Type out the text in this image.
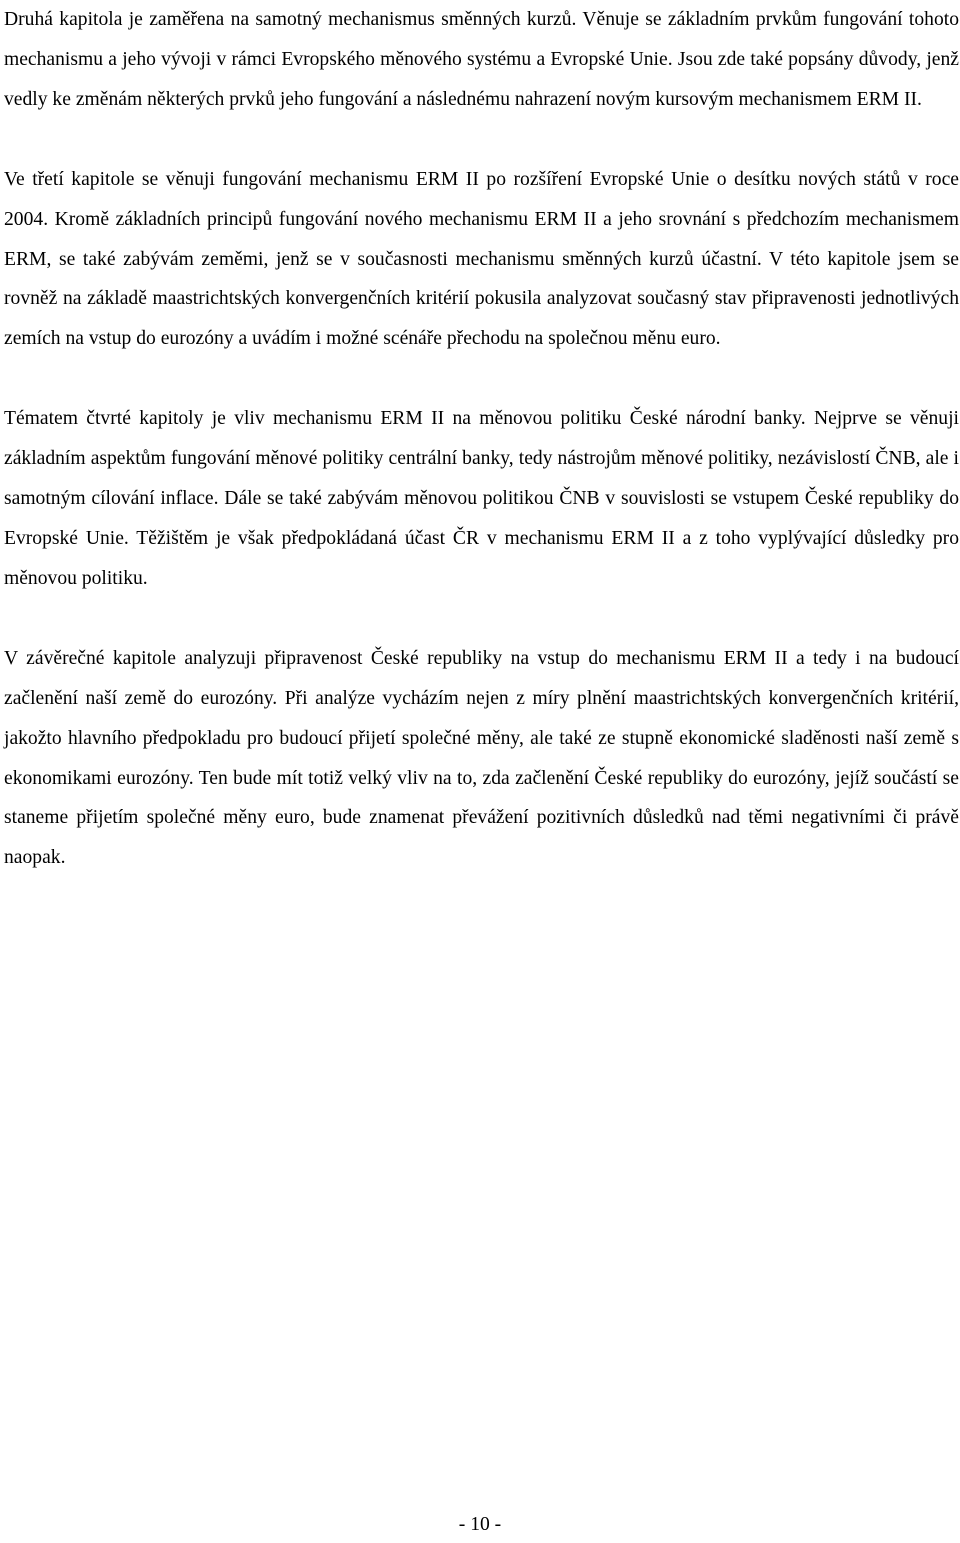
Druhá kapitola je zaměřena na samotný mechanismus směnných kurzů. Věnuje se základním prvkům fungování tohoto mechanismu a jeho vývoji v rámci Evropského měnového systému a Evropské Unie. Jsou zde také popsány důvody, jenž vedly ke změnám některých prvků jeho fungování a následnému nahrazení novým kursovým mechanismem ERM II.

Ve třetí kapitole se věnuji fungování mechanismu ERM II po rozšíření Evropské Unie o desítku nových států v roce 2004. Kromě základních principů fungování nového mechanismu ERM II a jeho srovnání s předchozím mechanismem ERM, se také zabývám zeměmi, jenž se v současnosti mechanismu směnných kurzů účastní. V této kapitole jsem se rovněž na základě maastrichtských konvergenčních kritérií pokusila analyzovat současný stav připravenosti jednotlivých zemích na vstup do eurozóny a uvádím i možné scénáře přechodu na společnou měnu euro.

Tématem čtvrté kapitoly je vliv mechanismu ERM II na měnovou politiku České národní banky. Nejprve se věnuji základním aspektům fungování měnové politiky centrální banky, tedy nástrojům měnové politiky, nezávislostí ČNB, ale i samotným cílování inflace. Dále se také zabývám měnovou politikou ČNB v souvislosti se vstupem České republiky do Evropské Unie. Těžištěm je však předpokládaná účast ČR v mechanismu ERM II a z toho vyplývající důsledky pro měnovou politiku.

V závěrečné kapitole analyzuji připravenost České republiky na vstup do mechanismu ERM II a tedy i na budoucí začlenění naší země do eurozóny. Při analýze vycházím nejen z míry plnění maastrichtských konvergenčních kritérií, jakožto hlavního předpokladu pro budoucí přijetí společné měny, ale také ze stupně ekonomické sladěnosti naší země s ekonomikami eurozóny. Ten bude mít totiž velký vliv na to, zda začlenění České republiky do eurozóny, jejíž součástí se staneme přijetím společné měny euro, bude znamenat převážení pozitivních důsledků nad těmi negativními či právě naopak.

- 10 -
